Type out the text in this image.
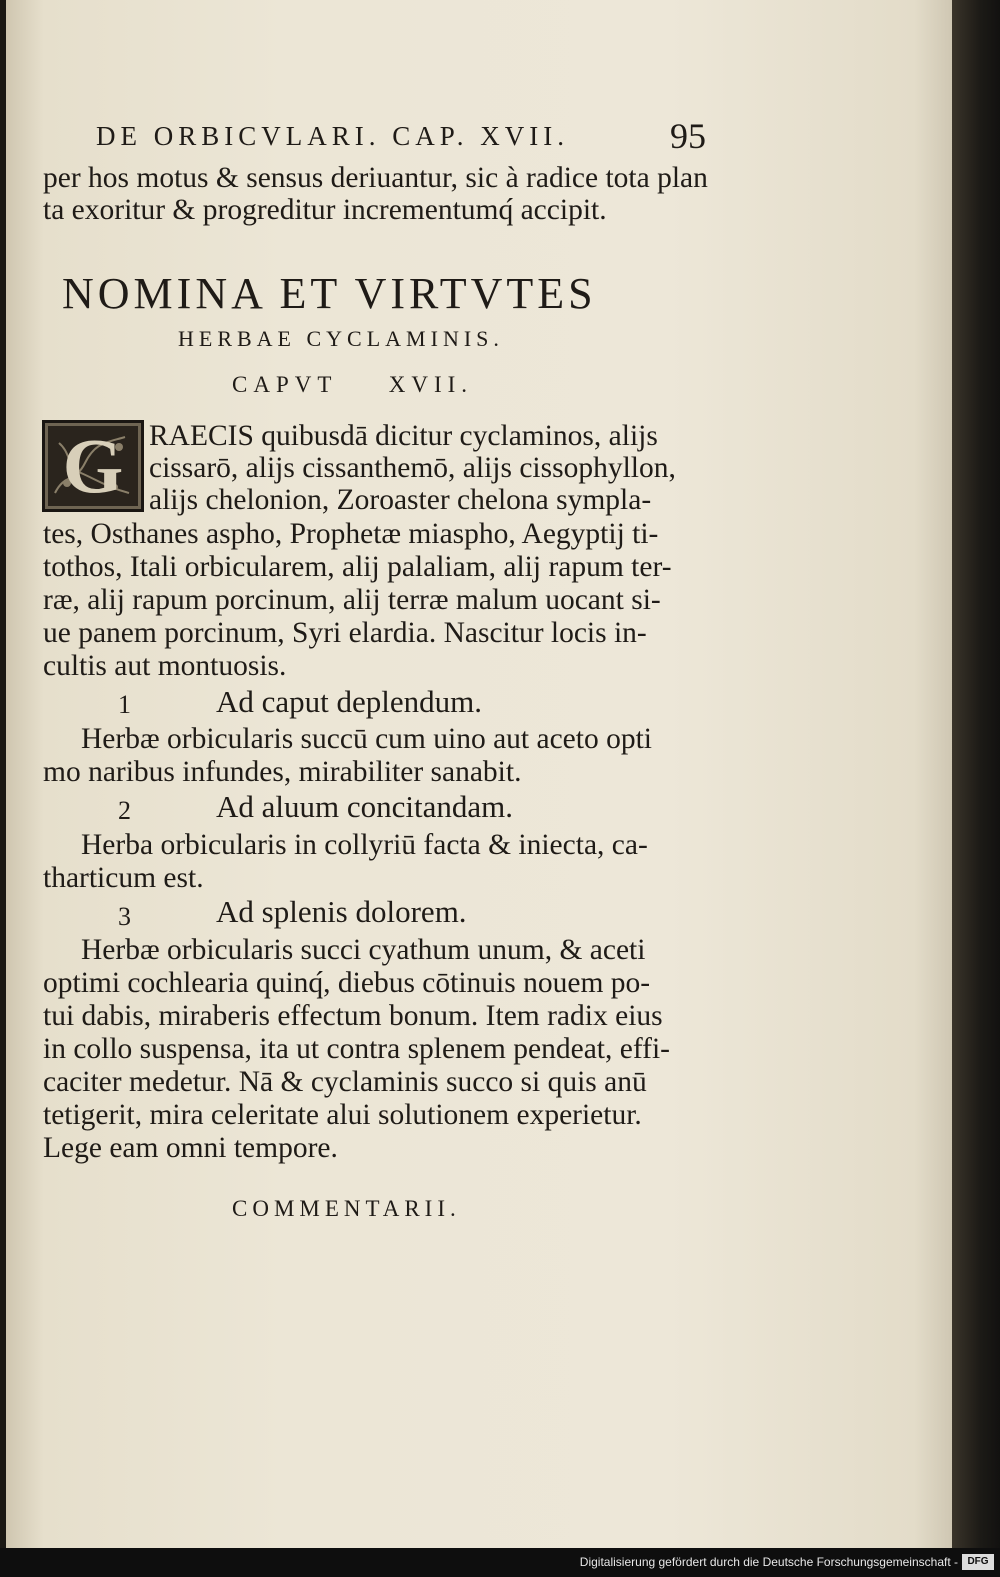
DE ORBICVLARI. CAP. XVII.	95
per hos motus & sensus deriuantur, sic à radice tota plan
ta exoritur & progreditur incrementumq́ accipit.
NOMINA ET VIRTVTES
HERBAE CYCLAMINIS.
CAPVT XVII.
G RAECIS quibusdā dicitur cyclaminos, alijs
cissarō, alijs cissanthemō, alijs cissophyllon,
alijs chelonion, Zoroaster chelona sympla-
tes, Osthanes aspho, Prophetæ miaspho, Aegyptij ti-
tothos, Itali orbicularem, alij palaliam, alij rapum ter-
ræ, alij rapum porcinum, alij terræ malum uocant si-
ue panem porcinum, Syri elardia. Nascitur locis in-
cultis aut montuosis.
1	Ad caput deplendum.
Herbæ orbicularis succū cum uino aut aceto opti
mo naribus infundes, mirabiliter sanabit.
2	Ad aluum concitandam.
Herba orbicularis in collyriū facta & iniecta, ca-
tharticum est.
3	Ad splenis dolorem.
Herbæ orbicularis succi cyathum unum, & aceti
optimi cochlearia quinq́, diebus cōtinuis nouem po-
tui dabis, miraberis effectum bonum. Item radix eius
in collo suspensa, ita ut contra splenem pendeat, effi-
caciter medetur. Nā & cyclaminis succo si quis anū
tetigerit, mira celeritate alui solutionem experietur.
Lege eam omni tempore.
COMMENTARII.
Digitalisierung gefördert durch die Deutsche Forschungsgemeinschaft - DFG
